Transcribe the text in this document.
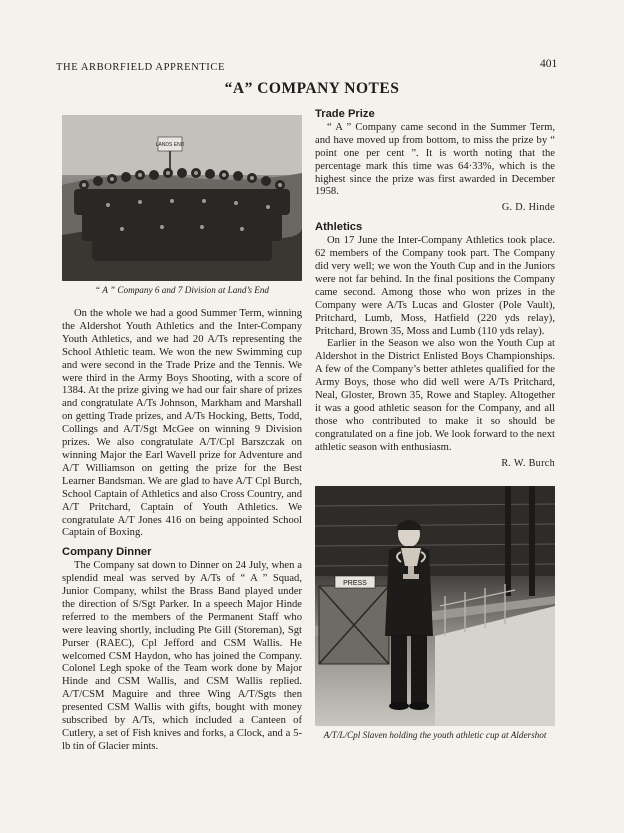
THE ARBORFIELD APPRENTICE	401
“A” COMPANY NOTES
LANDS END
“ A ” Company 6 and 7 Division at Land’s End

On the whole we had a good Summer Term, winning the Aldershot Youth Athletics and the Inter-Company Youth Athletics, and we had 20 A/Ts representing the School Athletic team. We won the new Swimming cup and were second in the Trade Prize and the Tennis. We were third in the Army Boys Shooting, with a score of 1384. At the prize giving we had our fair share of prizes and congratulate A/Ts Johnson, Markham and Marshall on getting Trade prizes, and A/Ts Hocking, Betts, Todd, Collings and A/T/Sgt McGee on winning 9 Division prizes. We also congratulate A/T/Cpl Barszczak on winning Major the Earl Wavell prize for Adventure and A/T Williamson on getting the prize for the Best Learner Bandsman. We are glad to have A/T Cpl Burch, School Captain of Athletics and also Cross Country, and A/T Pritchard, Captain of Youth Athletics. We congratulate A/T Jones 416 on being appointed School Captain of Boxing.

Company Dinner

The Company sat down to Dinner on 24 July, when a splendid meal was served by A/Ts of “ A ” Squad, Junior Company, whilst the Brass Band played under the direction of S/Sgt Parker. In a speech Major Hinde referred to the members of the Permanent Staff who were leaving shortly, including Pte Gill (Storeman), Sgt Purser (RAEC), Cpl Jefford and CSM Wallis. He welcomed CSM Haydon, who has joined the Company. Colonel Legh spoke of the Team work done by Major Hinde and CSM Wallis, and CSM Wallis replied. A/T/CSM Maguire and three Wing A/T/Sgts then presented CSM Wallis with gifts, bought with money subscribed by A/Ts, which included a Canteen of Cutlery, a set of Fish knives and forks, a Clock, and a 5-lb tin of Glacier mints.

Trade Prize

“ A ” Company came second in the Summer Term, and have moved up from bottom, to miss the prize by “ point one per cent ”. It is worth noting that the percentage mark this time was 64·33%, which is the highest since the prize was first awarded in December 1958.

G. D. Hinde
Athletics

On 17 June the Inter-Company Athletics took place. 62 members of the Company took part. The Company did very well; we won the Youth Cup and in the Juniors were not far behind. In the final positions the Company came second. Among those who won prizes in the Company were A/Ts Lucas and Gloster (Pole Vault), Pritchard, Lumb, Moss, Hatfield (220 yds relay), Pritchard, Brown 35, Moss and Lumb (110 yds relay).

Earlier in the Season we also won the Youth Cup at Aldershot in the District Enlisted Boys Championships. A few of the Company’s better athletes qualified for the Army Boys, those who did well were A/Ts Pritchard, Neal, Gloster, Brown 35, Rowe and Stapley. Altogether it was a good athletic season for the Company, and all those who contributed to make it so should be congratulated on a fine job. We look forward to the next athletic season with enthusiasm.

R. W. Burch
PRESS
A/T/L/Cpl Slaven holding the youth athletic cup at Aldershot
